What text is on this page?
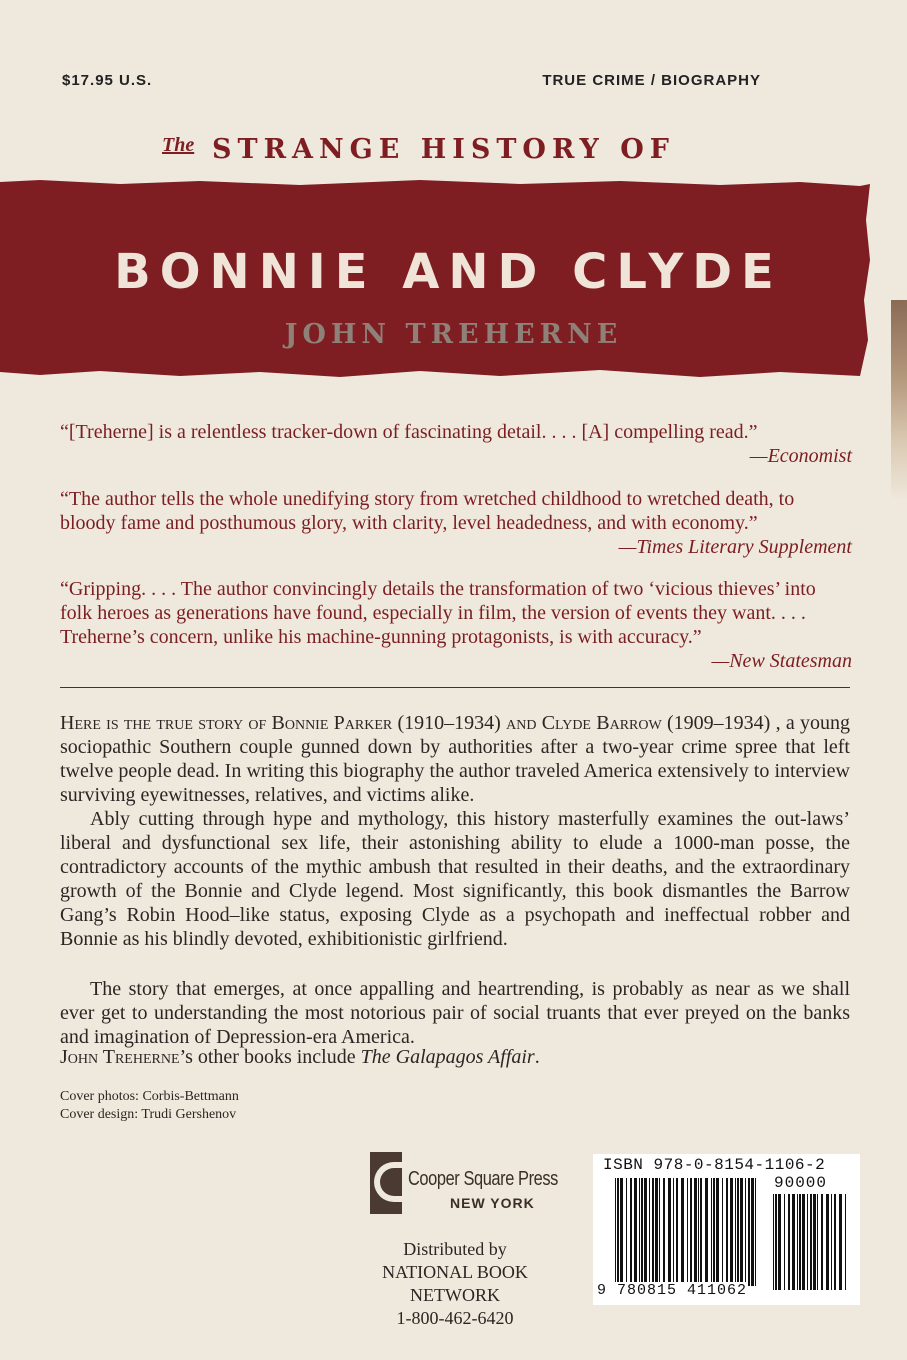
$17.95 U.S.	TRUE CRIME / BIOGRAPHY
The STRANGE HISTORY OF
BONNIE AND CLYDE
JOHN TREHERNE
“[Treherne] is a relentless tracker-down of fascinating detail. . . . [A] compelling read.”
—Economist
“The author tells the whole unedifying story from wretched childhood to wretched death, to bloody fame and posthumous glory, with clarity, level headedness, and with economy.”
—Times Literary Supplement
“Gripping. . . . The author convincingly details the transformation of two ‘vicious thieves’ into folk heroes as generations have found, especially in film, the version of events they want. . . . Treherne’s concern, unlike his machine-gunning protagonists, is with accuracy.”
—New Statesman
Here is the true story of Bonnie Parker (1910–1934) and Clyde Barrow (1909–1934) , a young sociopathic Southern couple gunned down by authorities after a two-year crime spree that left twelve people dead. In writing this biography the author traveled America extensively to interview surviving eyewitnesses, relatives, and victims alike.
Ably cutting through hype and mythology, this history masterfully examines the out-laws’ liberal and dysfunctional sex life, their astonishing ability to elude a 1000-man posse, the contradictory accounts of the mythic ambush that resulted in their deaths, and the extraordinary growth of the Bonnie and Clyde legend. Most significantly, this book dismantles the Barrow Gang’s Robin Hood–like status, exposing Clyde as a psychopath and ineffectual robber and Bonnie as his blindly devoted, exhibitionistic girlfriend.
The story that emerges, at once appalling and heartrending, is probably as near as we shall ever get to understanding the most notorious pair of social truants that ever preyed on the banks and imagination of Depression-era America.
John Treherne’s other books include The Galapagos Affair.
Cover photos: Corbis-Bettmann
Cover design: Trudi Gershenov
Cooper Square Press
NEW YORK
Distributed by
NATIONAL BOOK
NETWORK
1-800-462-6420
ISBN 978-0-8154-1106-2
90000
9 780815 411062
